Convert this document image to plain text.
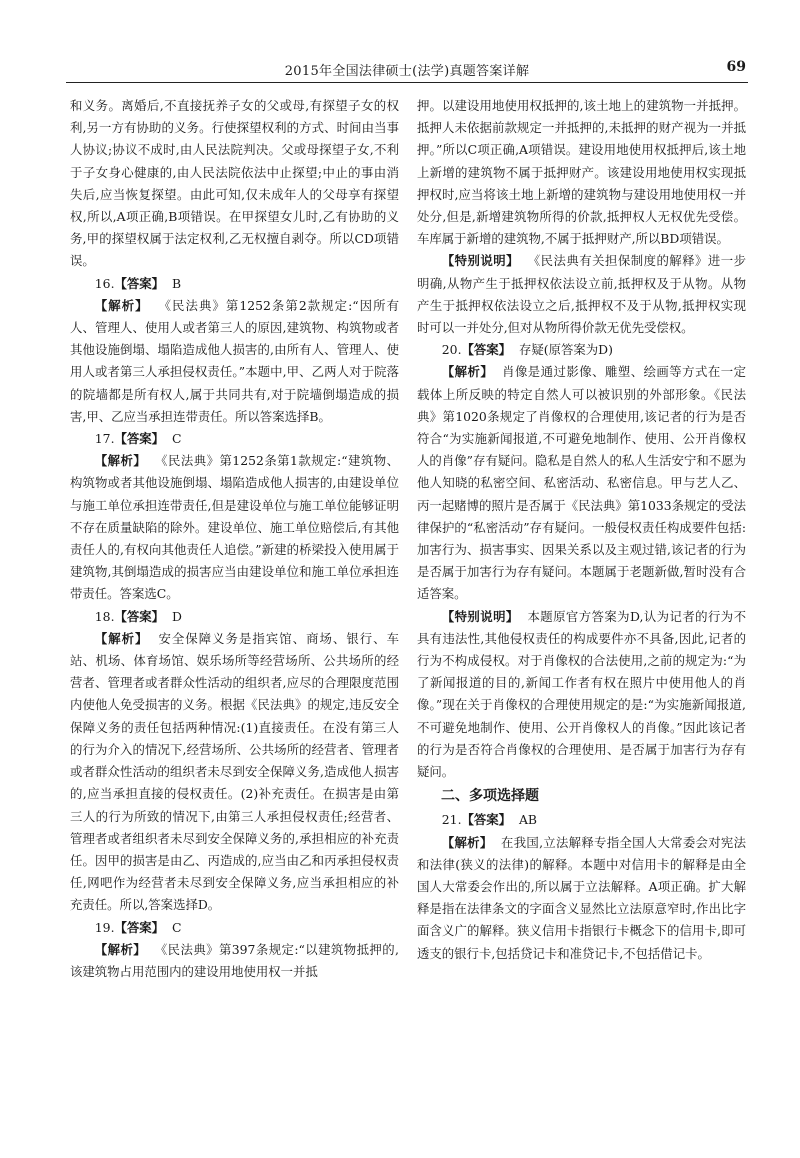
2015年全国法律硕士(法学)真题答案详解	69

和义务。离婚后,不直接抚养子女的父或母,有探望子女的权利,另一方有协助的义务。行使探望权利的方式、时间由当事人协议;协议不成时,由人民法院判决。父或母探望子女,不利于子女身心健康的,由人民法院依法中止探望;中止的事由消失后,应当恢复探望。由此可知,仅未成年人的父母享有探望权,所以,A项正确,B项错误。在甲探望女儿时,乙有协助的义务,甲的探望权属于法定权利,乙无权擅自剥夺。所以CD项错误。

16.【答案】 B

【解析】 《民法典》第1252条第2款规定:“因所有人、管理人、使用人或者第三人的原因,建筑物、构筑物或者其他设施倒塌、塌陷造成他人损害的,由所有人、管理人、使用人或者第三人承担侵权责任。”本题中,甲、乙两人对于院落的院墙都是所有权人,属于共同共有,对于院墙倒塌造成的损害,甲、乙应当承担连带责任。所以答案选择B。

17.【答案】 C

【解析】 《民法典》第1252条第1款规定:“建筑物、构筑物或者其他设施倒塌、塌陷造成他人损害的,由建设单位与施工单位承担连带责任,但是建设单位与施工单位能够证明不存在质量缺陷的除外。建设单位、施工单位赔偿后,有其他责任人的,有权向其他责任人追偿。”新建的桥梁投入使用属于建筑物,其倒塌造成的损害应当由建设单位和施工单位承担连带责任。答案选C。

18.【答案】 D

【解析】 安全保障义务是指宾馆、商场、银行、车站、机场、体育场馆、娱乐场所等经营场所、公共场所的经营者、管理者或者群众性活动的组织者,应尽的合理限度范围内使他人免受损害的义务。根据《民法典》的规定,违反安全保障义务的责任包括两种情况:(1)直接责任。在没有第三人的行为介入的情况下,经营场所、公共场所的经营者、管理者或者群众性活动的组织者未尽到安全保障义务,造成他人损害的,应当承担直接的侵权责任。(2)补充责任。在损害是由第三人的行为所致的情况下,由第三人承担侵权责任;经营者、管理者或者组织者未尽到安全保障义务的,承担相应的补充责任。因甲的损害是由乙、丙造成的,应当由乙和丙承担侵权责任,网吧作为经营者未尽到安全保障义务,应当承担相应的补充责任。所以,答案选择D。

19.【答案】 C

【解析】 《民法典》第397条规定:“以建筑物抵押的,该建筑物占用范围内的建设用地使用权一并抵

押。以建设用地使用权抵押的,该土地上的建筑物一并抵押。抵押人未依据前款规定一并抵押的,未抵押的财产视为一并抵押。”所以C项正确,A项错误。建设用地使用权抵押后,该土地上新增的建筑物不属于抵押财产。该建设用地使用权实现抵押权时,应当将该土地上新增的建筑物与建设用地使用权一并处分,但是,新增建筑物所得的价款,抵押权人无权优先受偿。车库属于新增的建筑物,不属于抵押财产,所以BD项错误。

【特别说明】 《民法典有关担保制度的解释》进一步明确,从物产生于抵押权依法设立前,抵押权及于从物。从物产生于抵押权依法设立之后,抵押权不及于从物,抵押权实现时可以一并处分,但对从物所得价款无优先受偿权。

20.【答案】 存疑(原答案为D)

【解析】 肖像是通过影像、雕塑、绘画等方式在一定载体上所反映的特定自然人可以被识别的外部形象。《民法典》第1020条规定了肖像权的合理使用,该记者的行为是否符合“为实施新闻报道,不可避免地制作、使用、公开肖像权人的肖像”存有疑问。隐私是自然人的私人生活安宁和不愿为他人知晓的私密空间、私密活动、私密信息。甲与艺人乙、丙一起赌博的照片是否属于《民法典》第1033条规定的受法律保护的“私密活动”存有疑问。一般侵权责任构成要件包括:加害行为、损害事实、因果关系以及主观过错,该记者的行为是否属于加害行为存有疑问。本题属于老题新做,暂时没有合适答案。

【特别说明】 本题原官方答案为D,认为记者的行为不具有违法性,其他侵权责任的构成要件亦不具备,因此,记者的行为不构成侵权。对于肖像权的合法使用,之前的规定为:“为了新闻报道的目的,新闻工作者有权在照片中使用他人的肖像。”现在关于肖像权的合理使用规定的是:“为实施新闻报道,不可避免地制作、使用、公开肖像权人的肖像。”因此该记者的行为是否符合肖像权的合理使用、是否属于加害行为存有疑问。

二、多项选择题

21.【答案】 AB

【解析】 在我国,立法解释专指全国人大常委会对宪法和法律(狭义的法律)的解释。本题中对信用卡的解释是由全国人大常委会作出的,所以属于立法解释。A项正确。扩大解释是指在法律条文的字面含义显然比立法原意窄时,作出比字面含义广的解释。狭义信用卡指银行卡概念下的信用卡,即可透支的银行卡,包括贷记卡和准贷记卡,不包括借记卡。
